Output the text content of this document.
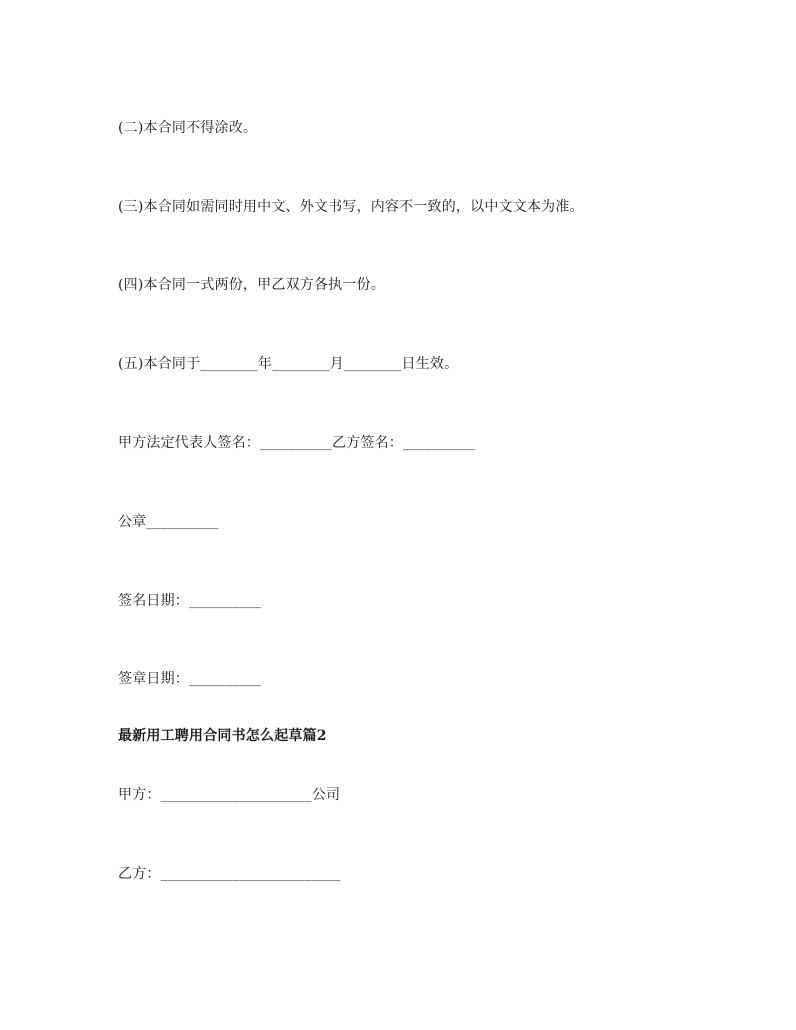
(二)本合同不得涂改。
(三)本合同如需同时用中文、外文书写，内容不一致的，以中文文本为准。
(四)本合同一式两份，甲乙双方各执一份。
(五)本合同于________年________月________日生效。
甲方法定代表人签名：__________乙方签名：__________
公章__________
签名日期：__________
签章日期：__________
最新用工聘用合同书怎么起草篇2
甲方：_____________________公司
乙方：_________________________
